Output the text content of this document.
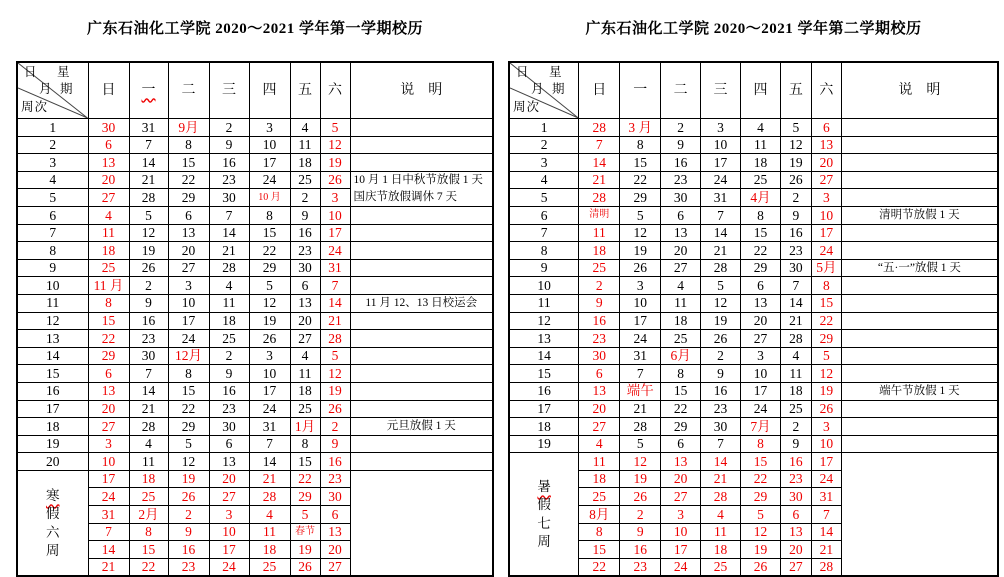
广东石油化工学院 2020～2021 学年第一学期校历
日 星
月 期
周次	日	一	二	三	四	五	六	说　明
1	30	31	9月	2	3	4	5	
2	6	7	8	9	10	11	12	
3	13	14	15	16	17	18	19	
4	20	21	22	23	24	25	26	10 月 1 日中秋节放假 1 天
国庆节放假调休 7 天
5	27	28	29	30	10 月	2	3	
6	4	5	6	7	8	9	10	
7	11	12	13	14	15	16	17	
8	18	19	20	21	22	23	24	
9	25	26	27	28	29	30	31	
10	11 月	2	3	4	5	6	7	
11	8	9	10	11	12	13	14	11 月 12、13 日校运会
12	15	16	17	18	19	20	21	
13	22	23	24	25	26	27	28	
14	29	30	12月	2	3	4	5	
15	6	7	8	9	10	11	12	
16	13	14	15	16	17	18	19	
17	20	21	22	23	24	25	26	
18	27	28	29	30	31	1月	2	元旦放假 1 天
19	3	4	5	6	7	8	9	
20	10	11	12	13	14	15	16	

寒
假
六
周	17	18	19	20	21	22	23	
	24	25	26	27	28	29	30	
	31	2月	2	3	4	5	6	
	7	8	9	10	11	春节	13	
	14	15	16	17	18	19	20	
	21	22	23	24	25	26	27	
广东石油化工学院 2020～2021 学年第二学期校历
日 星
月 期
周次	日	一	二	三	四	五	六	说　明
1	28	3 月	2	3	4	5	6	
2	7	8	9	10	11	12	13	
3	14	15	16	17	18	19	20	
4	21	22	23	24	25	26	27	
5	28	29	30	31	4月	2	3	
6	清明	5	6	7	8	9	10	清明节放假 1 天
7	11	12	13	14	15	16	17	
8	18	19	20	21	22	23	24	
9	25	26	27	28	29	30	5月	“五·一”放假 1 天
10	2	3	4	5	6	7	8	
11	9	10	11	12	13	14	15	
12	16	17	18	19	20	21	22	
13	23	24	25	26	27	28	29	
14	30	31	6月	2	3	4	5	
15	6	7	8	9	10	11	12	
16	13	端午	15	16	17	18	19	端午节放假 1 天
17	20	21	22	23	24	25	26	
18	27	28	29	30	7月	2	3	
19	4	5	6	7	8	9	10	

暑
假
七
周	11	12	13	14	15	16	17	
	18	19	20	21	22	23	24	
	25	26	27	28	29	30	31	
	8月	2	3	4	5	6	7	
	8	9	10	11	12	13	14	
	15	16	17	18	19	20	21	
	22	23	24	25	26	27	28	
